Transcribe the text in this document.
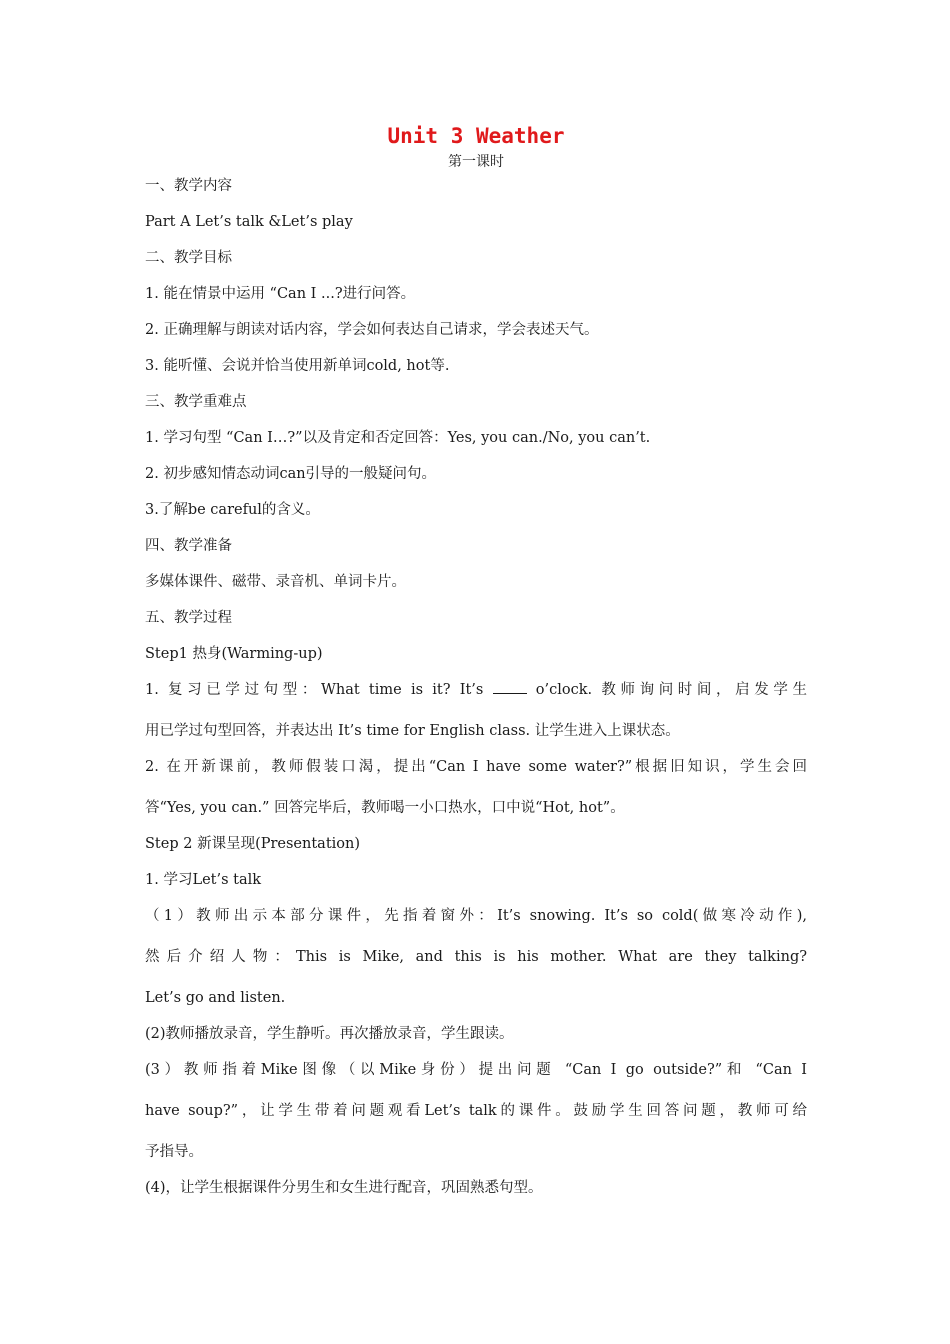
Unit 3 Weather
第一课时
一、教学内容
Part A Let’s talk &Let’s play
二、教学目标
1. 能在情景中运用 “Can I ...?进行问答。
2. 正确理解与朗读对话内容，学会如何表达自己请求，学会表述天气。
3. 能听懂、会说并恰当使用新单词cold, hot等.
三、教学重难点
1. 学习句型 “Can I…?”以及肯定和否定回答：Yes, you can./No, you can’t.
2. 初步感知情态动词can引导的一般疑问句。
3.了解be careful的含义。
四、教学准备
多媒体课件、磁带、录音机、单词卡片。
五、教学过程
Step1 热身(Warming-up)
1. 复习已学过句型：What time is it? It’s  o’clock. 教师询问时间，启发学生
用已学过句型回答，并表达出 It’s time for English class. 让学生进入上课状态。
2. 在开新课前，教师假装口渴，提出“Can I have some water?”根据旧知识，学生会回
答“Yes, you can.” 回答完毕后，教师喝一小口热水，口中说“Hot, hot”。
Step 2 新课呈现(Presentation)
1. 学习Let’s talk
（1）教师出示本部分课件，先指着窗外：It’s snowing. It’s so cold(做寒冷动作),
然后介绍人物：This is Mike, and this is his mother. What are they talking?
Let’s go and listen.
(2)教师播放录音，学生静听。再次播放录音，学生跟读。
(3）教师指着Mike图像（以Mike身份）提出问题 “Can I go outside?”和 “Can I
have soup?”，让学生带着问题观看Let’s talk的课件。鼓励学生回答问题，教师可给
予指导。
(4)，让学生根据课件分男生和女生进行配音，巩固熟悉句型。
